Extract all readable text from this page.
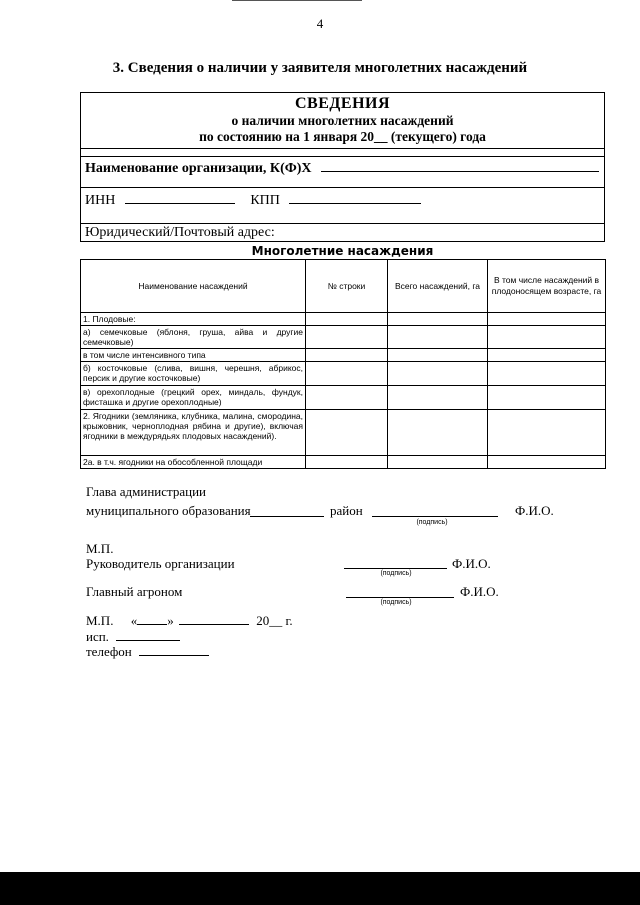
4
3. Сведения о наличии у заявителя многолетних насаждений
СВЕДЕНИЯ
о наличии многолетних насаждений
по состоянию на 1 января 20__ (текущего) года
Наименование организации, К(Ф)Х
ИНН	КПП
Юридический/Почтовый адрес:
Многолетние насаждения
Наименование насаждений	№ строки	Всего насаждений, га	В том числе насаждений в плодоносящем возрасте, га
1. Плодовые:			
а) семечковые (яблоня, груша, айва и другие семечковые)			
в том числе интенсивного типа			
б) косточковые (слива, вишня, черешня, абрикос, персик и другие косточковые)			
в) орехоплодные (грецкий орех, миндаль, фундук, фисташка и другие орехоплодные)			
2. Ягодники (земляника, клубника, малина, смородина, крыжовник, черноплодная рябина и другие), включая ягодники в междурядьях плодовых насаждений).			
2а. в т.ч. ягодники на обособленной площади			
Глава администрации
муниципального образования	район
(подпись)
Ф.И.О.
М.П.
Руководитель организации
(подпись)
Ф.И.О.
Главный агроном
(подпись)
Ф.И.О.
М.П. « »	20__ г.
исп.
телефон
